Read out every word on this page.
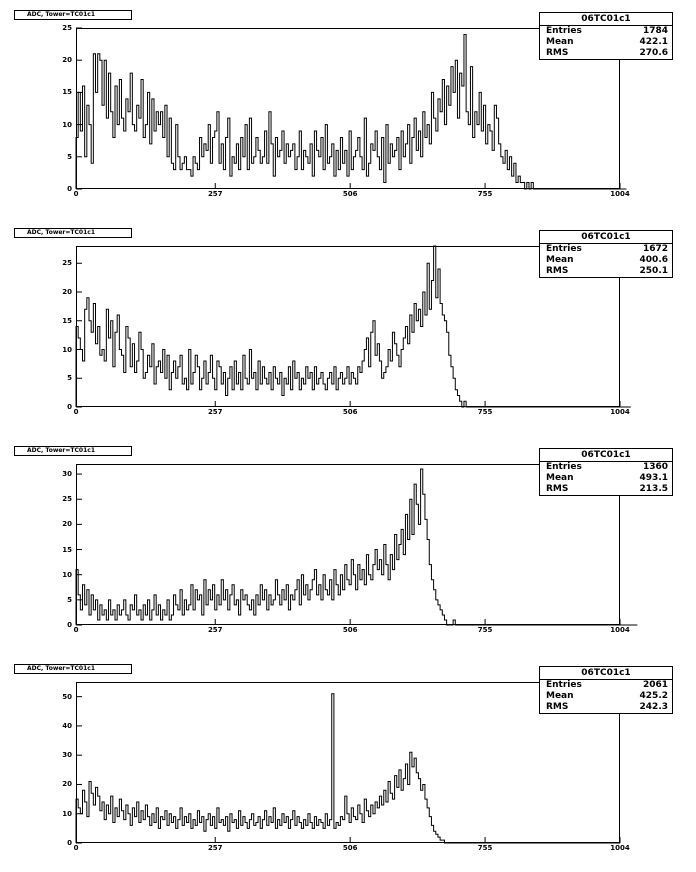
ADC, Tower=TC01c1
0
5
10
15
20
25
0	257	506	755	1004
06TC01c1
Entries	1784
Mean	422.1
RMS	270.6
ADC, Tower=TC01c1
0
5
10
15
20
25
0	257	506	755	1004
06TC01c1
Entries	1672
Mean	400.6
RMS	250.1
ADC, Tower=TC01c1
0
5
10
15
20
25
30
0	257	506	755	1004
06TC01c1
Entries	1360
Mean	493.1
RMS	213.5
ADC, Tower=TC01c1
0
10
20
30
40
50
0	257	506	755	1004
06TC01c1
Entries	2061
Mean	425.2
RMS	242.3
